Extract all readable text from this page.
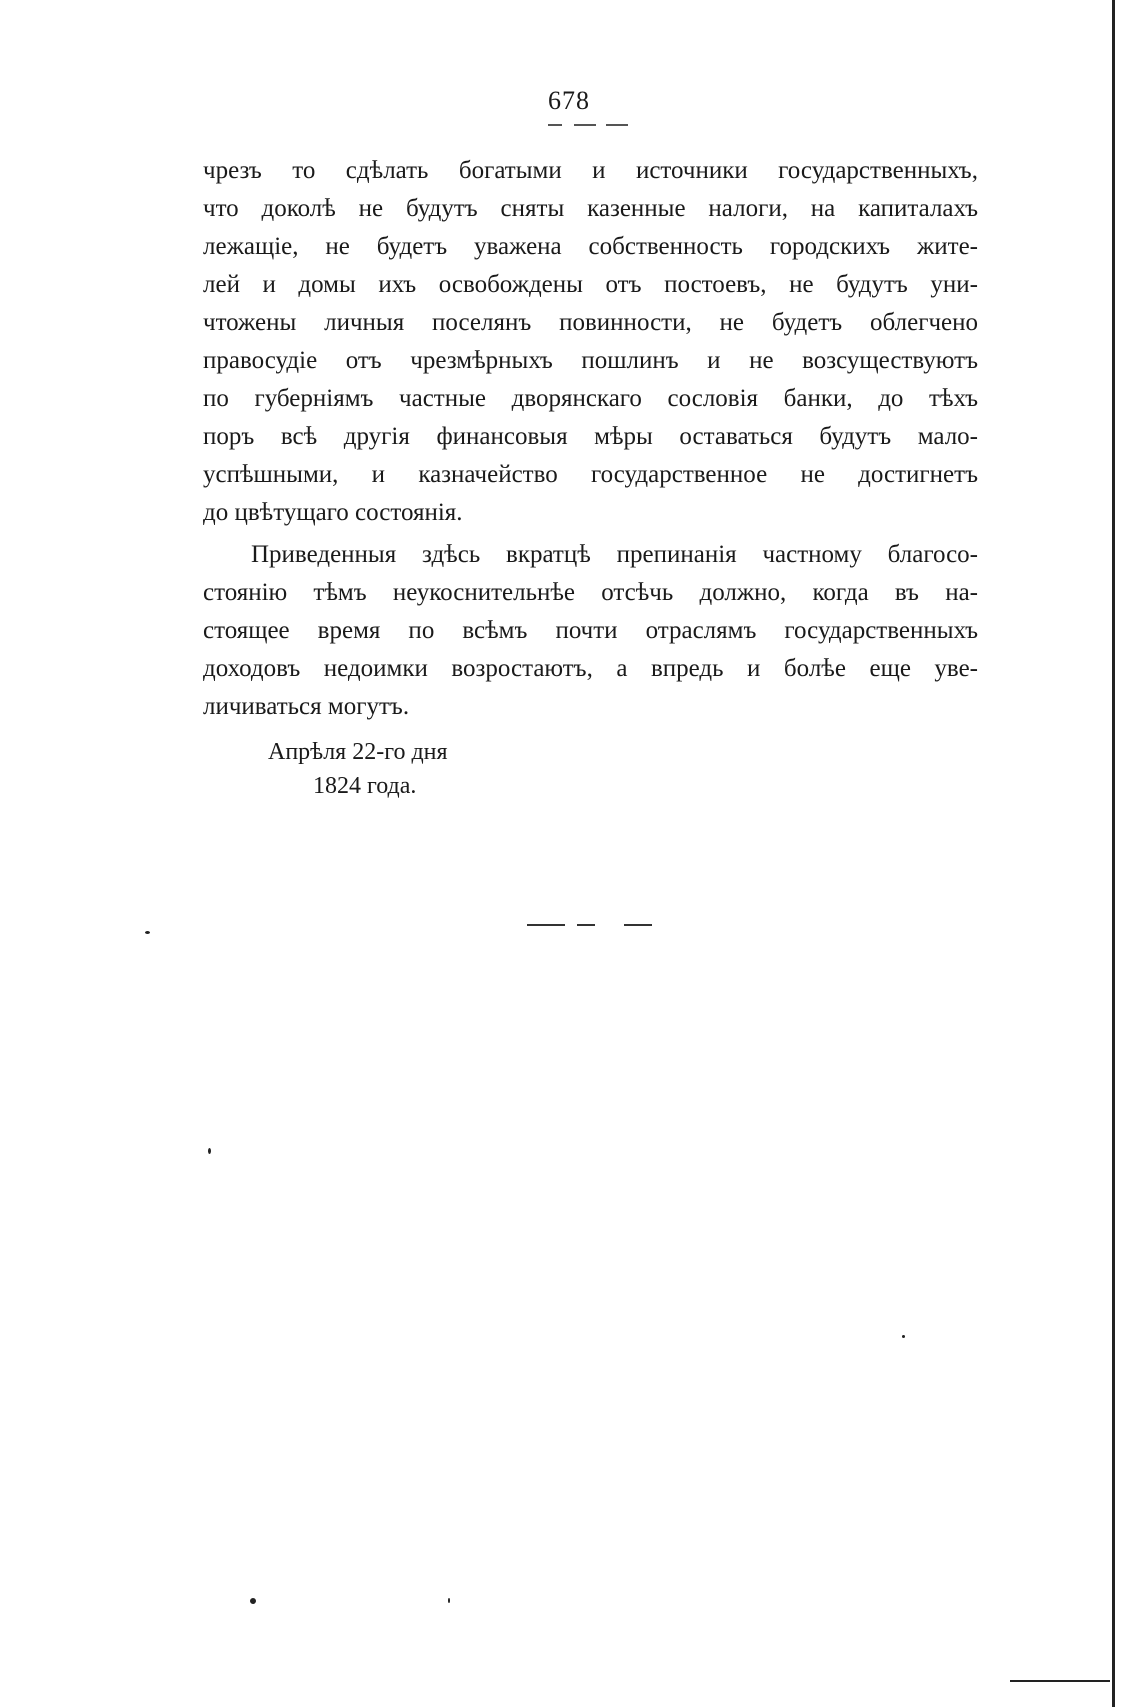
678
чрезъ то сдѣлать богатыми и источники государственныхъ,
что доколѣ не будутъ сняты казенные налоги, на капиталахъ
лежащіе, не будетъ уважена собственность городскихъ жите-
лей и домы ихъ освобождены отъ постоевъ, не будутъ уни-
чтожены личныя поселянъ повинности, не будетъ облегчено
правосудіе отъ чрезмѣрныхъ пошлинъ и не возсуществуютъ
по губерніямъ частные дворянскаго сословія банки, до тѣхъ
поръ всѣ другія финансовыя мѣры оставаться будутъ мало-
успѣшными, и казначейство государственное не достигнетъ
до цвѣтущаго состоянія.
Приведенныя здѣсь вкратцѣ препинанія частному благосо-
стоянію тѣмъ неукоснительнѣе отсѣчь должно, когда въ на-
стоящее время по всѣмъ почти отраслямъ государственныхъ
доходовъ недоимки возростаютъ, а впредь и болѣе еще уве-
личиваться могутъ.
Апрѣля 22-го дня
1824 года.
